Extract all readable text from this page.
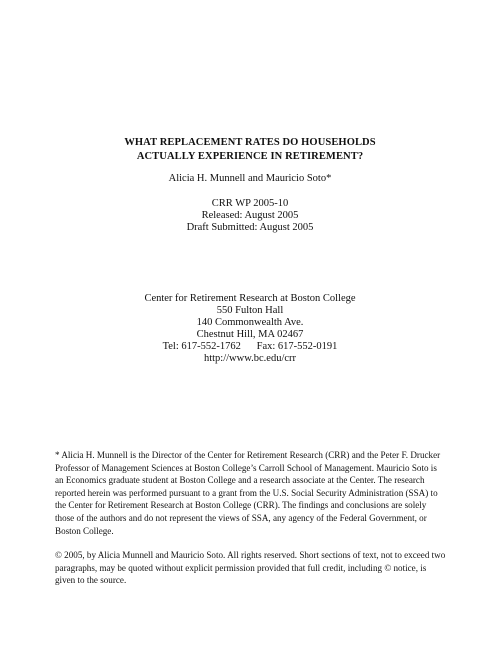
WHAT REPLACEMENT RATES DO HOUSEHOLDS
ACTUALLY EXPERIENCE IN RETIREMENT?
Alicia H. Munnell and Mauricio Soto*
CRR WP 2005-10
Released: August 2005
Draft Submitted: August 2005
Center for Retirement Research at Boston College
550 Fulton Hall
140 Commonwealth Ave.
Chestnut Hill, MA 02467
Tel: 617-552-1762      Fax: 617-552-0191
http://www.bc.edu/crr
* Alicia H. Munnell is the Director of the Center for Retirement Research (CRR) and the Peter F. Drucker
Professor of Management Sciences at Boston College’s Carroll School of Management. Mauricio Soto is
an Economics graduate student at Boston College and a research associate at the Center. The research
reported herein was performed pursuant to a grant from the U.S. Social Security Administration (SSA) to
the Center for Retirement Research at Boston College (CRR). The findings and conclusions are solely
those of the authors and do not represent the views of SSA, any agency of the Federal Government, or
Boston College.
© 2005, by Alicia Munnell and Mauricio Soto. All rights reserved. Short sections of text, not to exceed two
paragraphs, may be quoted without explicit permission provided that full credit, including © notice, is
given to the source.
